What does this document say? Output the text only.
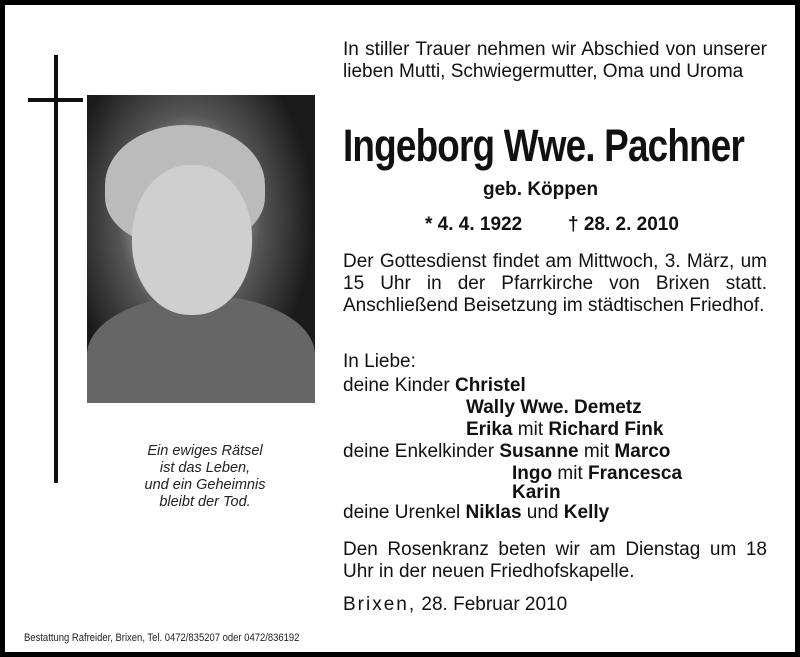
Ein ewiges Rätsel
ist das Leben,
und ein Geheimnis
bleibt der Tod.
In stiller Trauer nehmen wir Abschied von unserer lieben Mutti, Schwiegermutter, Oma und Uroma
Ingeborg Wwe. Pachner
geb. Köppen
* 4. 4. 1922 † 28. 2. 2010
Der Gottesdienst findet am Mittwoch, 3. März, um 15 Uhr in der Pfarrkirche von Brixen statt. Anschließend Beisetzung im städtischen Friedhof.
In Liebe:
deine Kinder Christel
Wally Wwe. Demetz
Erika mit Richard Fink
deine Enkelkinder Susanne mit Marco
Ingo mit Francesca
Karin
deine Urenkel Niklas und Kelly
Den Rosenkranz beten wir am Dienstag um 18 Uhr in der neuen Friedhofskapelle.
Brixen, 28. Februar 2010
Bestattung Rafreider, Brixen, Tel. 0472/835207 oder 0472/836192
